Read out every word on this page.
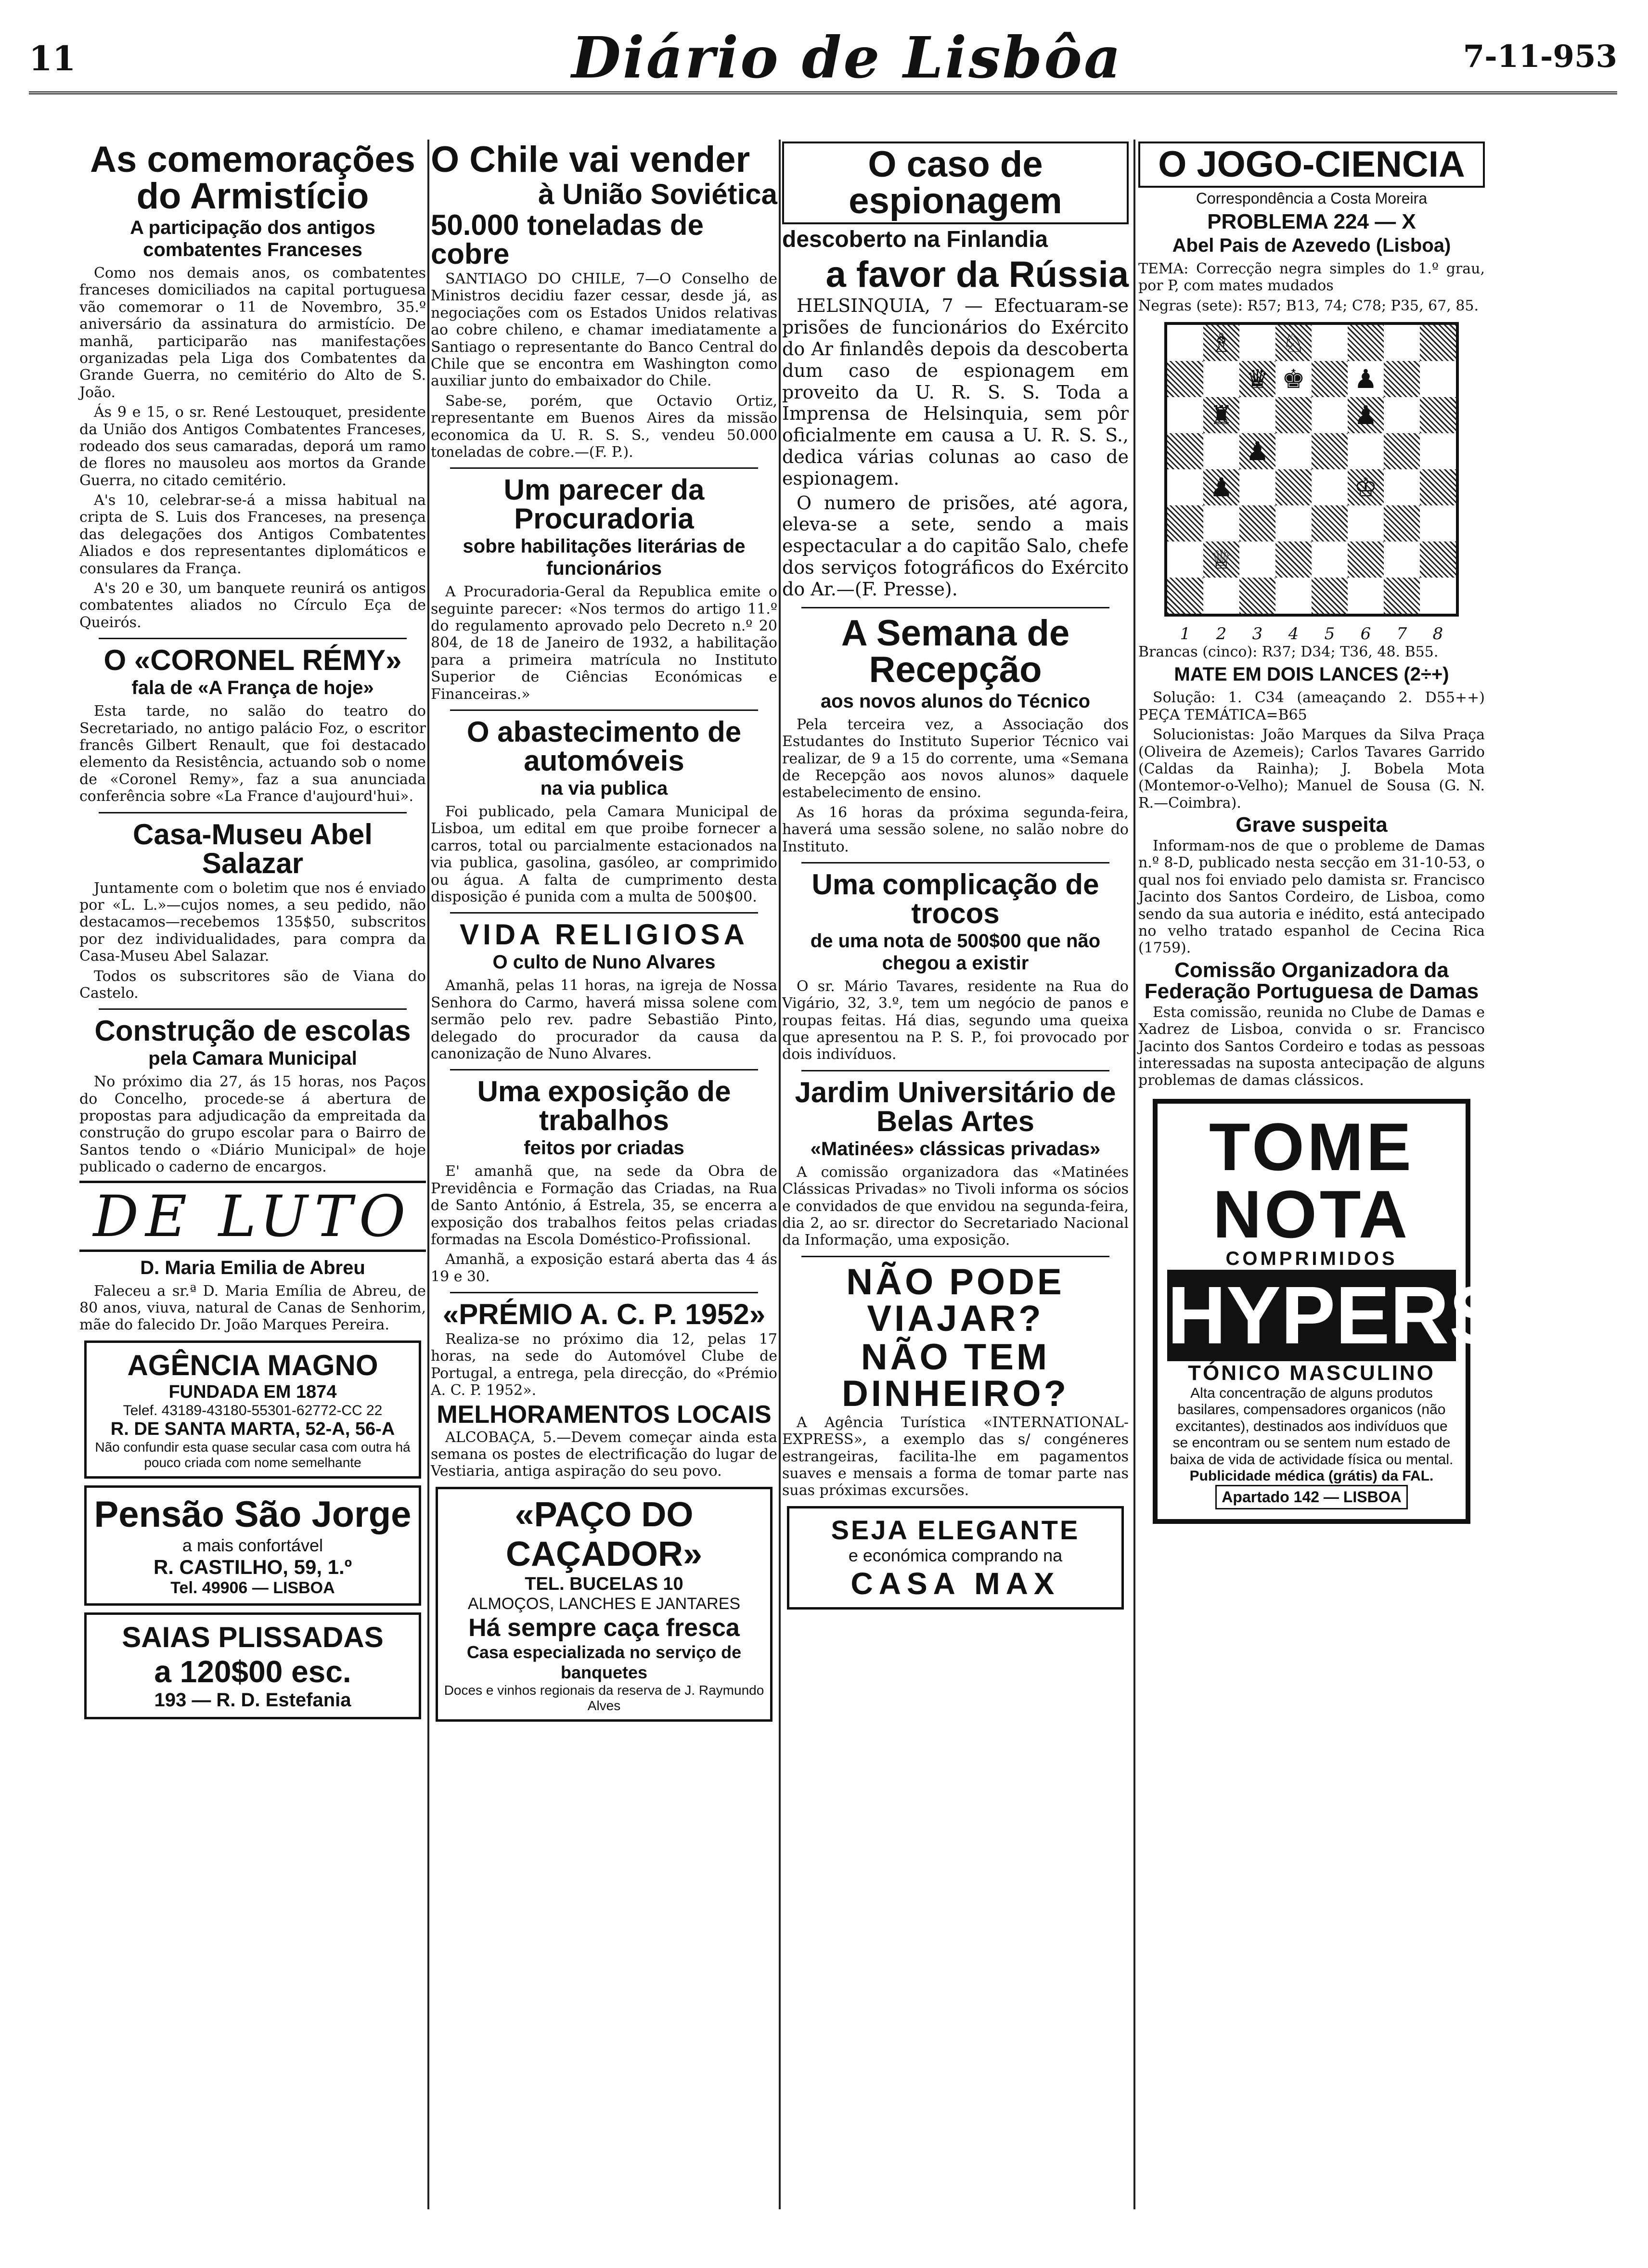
11	Diário de Lisbôa	7-11-953
As comemorações do Armistício
A participação dos antigos combatentes Franceses

Como nos demais anos, os combatentes franceses domiciliados na capital portuguesa vão comemorar o 11 de Novembro, 35.º aniversário da assinatura do armistício. De manhã, participarão nas manifestações organizadas pela Liga dos Combatentes da Grande Guerra, no cemitério do Alto de S. João.

Ás 9 e 15, o sr. René Lestouquet, presidente da União dos Antigos Combatentes Franceses, rodeado dos seus camaradas, deporá um ramo de flores no mausoleu aos mortos da Grande Guerra, no citado cemitério.

A's 10, celebrar-se-á a missa habitual na cripta de S. Luis dos Franceses, na presença das delegações dos Antigos Combatentes Aliados e dos representantes diplomáticos e consulares da França.

A's 20 e 30, um banquete reunirá os antigos combatentes aliados no Círculo Eça de Queirós.

O «CORONEL RÉMY»
fala de «A França de hoje»

Esta tarde, no salão do teatro do Secretariado, no antigo palácio Foz, o escritor francês Gilbert Renault, que foi destacado elemento da Resistência, actuando sob o nome de «Coronel Remy», faz a sua anunciada conferência sobre «La France d'aujourd'hui».

Casa-Museu Abel Salazar

Juntamente com o boletim que nos é enviado por «L. L.»—cujos nomes, a seu pedido, não destacamos—recebemos 135$50, subscritos por dez individualidades, para compra da Casa-Museu Abel Salazar.

Todos os subscritores são de Viana do Castelo.

Construção de escolas
pela Camara Municipal

No próximo dia 27, ás 15 horas, nos Paços do Concelho, procede-se á abertura de propostas para adjudicação da empreitada da construção do grupo escolar para o Bairro de Santos tendo o «Diário Municipal» de hoje publicado o caderno de encargos.

DE LUTO
D. Maria Emilia de Abreu

Faleceu a sr.ª D. Maria Emília de Abreu, de 80 anos, viuva, natural de Canas de Senhorim, mãe do falecido Dr. João Marques Pereira.

AGÊNCIA MAGNO
FUNDADA EM 1874
Telef. 43189-43180-55301-62772-CC 22
R. DE SANTA MARTA, 52-A, 56-A
Não confundir esta quase secular casa com outra há pouco criada com nome semelhante
Pensão São Jorge
a mais confortável
R. CASTILHO, 59, 1.º
Tel. 49906 — LISBOA
SAIAS PLISSADAS
a 120$00 esc.
193 — R. D. Estefania
O Chile vai vender
à União Soviética
50.000 toneladas de cobre

SANTIAGO DO CHILE, 7—O Conselho de Ministros decidiu fazer cessar, desde já, as negociações com os Estados Unidos relativas ao cobre chileno, e chamar imediatamente a Santiago o representante do Banco Central do Chile que se encontra em Washington como auxiliar junto do embaixador do Chile.

Sabe-se, porém, que Octavio Ortiz, representante em Buenos Aires da missão economica da U. R. S. S., vendeu 50.000 toneladas de cobre.—(F. P.).

Um parecer da Procuradoria
sobre habilitações literárias de funcionários

A Procuradoria-Geral da Republica emite o seguinte parecer: «Nos termos do artigo 11.º do regulamento aprovado pelo Decreto n.º 20 804, de 18 de Janeiro de 1932, a habilitação para a primeira matrícula no Instituto Superior de Ciências Económicas e Financeiras.»

O abastecimento de automóveis
na via publica

Foi publicado, pela Camara Municipal de Lisboa, um edital em que proibe fornecer a carros, total ou parcialmente estacionados na via publica, gasolina, gasóleo, ar comprimido ou água. A falta de cumprimento desta disposição é punida com a multa de 500$00.

VIDA RELIGIOSA
O culto de Nuno Alvares

Amanhã, pelas 11 horas, na igreja de Nossa Senhora do Carmo, haverá missa solene com sermão pelo rev. padre Sebastião Pinto, delegado do procurador da causa da canonização de Nuno Alvares.

Uma exposição de trabalhos
feitos por criadas

E' amanhã que, na sede da Obra de Previdência e Formação das Criadas, na Rua de Santo António, á Estrela, 35, se encerra a exposição dos trabalhos feitos pelas criadas formadas na Escola Doméstico-Profissional.

Amanhã, a exposição estará aberta das 4 ás 19 e 30.

«PRÉMIO A. C. P. 1952»

Realiza-se no próximo dia 12, pelas 17 horas, na sede do Automóvel Clube de Portugal, a entrega, pela direcção, do «Prémio A. C. P. 1952».

MELHORAMENTOS LOCAIS

ALCOBAÇA, 5.—Devem começar ainda esta semana os postes de electrificação do lugar de Vestiaria, antiga aspiração do seu povo.

«PAÇO DO CAÇADOR»
TEL. BUCELAS 10
ALMOÇOS, LANCHES E JANTARES
Há sempre caça fresca
Casa especializada no serviço de banquetes
Doces e vinhos regionais da reserva de J. Raymundo Alves
O caso de espionagem
descoberto na Finlandia
a favor da Rússia

HELSINQUIA, 7 — Efectuaram-se prisões de funcionários do Exército do Ar finlandês depois da descoberta dum caso de espionagem em proveito da U. R. S. S. Toda a Imprensa de Helsinquia, sem pôr oficialmente em causa a U. R. S. S., dedica várias colunas ao caso de espionagem.

O numero de prisões, até agora, eleva-se a sete, sendo a mais espectacular a do capitão Salo, chefe dos serviços fotográficos do Exército do Ar.—(F. Presse).

A Semana de Recepção
aos novos alunos do Técnico

Pela terceira vez, a Associação dos Estudantes do Instituto Superior Técnico vai realizar, de 9 a 15 do corrente, uma «Semana de Recepção aos novos alunos» daquele estabelecimento de ensino.

As 16 horas da próxima segunda-feira, haverá uma sessão solene, no salão nobre do Instituto.

Uma complicação de trocos
de uma nota de 500$00 que não chegou a existir

O sr. Mário Tavares, residente na Rua do Vigário, 32, 3.º, tem um negócio de panos e roupas feitas. Há dias, segundo uma queixa que apresentou na P. S. P., foi provocado por dois indivíduos.

Jardim Universitário de Belas Artes
«Matinées» clássicas privadas»

A comissão organizadora das «Matinées Clássicas Privadas» no Tivoli informa os sócios e convidados de que envidou na segunda-feira, dia 2, ao sr. director do Secretariado Nacional da Informação, uma exposição.

NÃO PODE VIAJAR?
NÃO TEM DINHEIRO?

A Agência Turística «INTERNATIONAL-EXPRESS», a exemplo das s/ congéneres estrangeiras, facilita-lhe em pagamentos suaves e mensais a forma de tomar parte nas suas próximas excursões.

SEJA ELEGANTE
e económica comprando na
CASA MAX
O JOGO-CIENCIA
Correspondência a Costa Moreira
PROBLEMA 224 — X
Abel Pais de Azevedo (Lisboa)

TEMA: Correcção negra simples do 1.º grau, por P, com mates mudados

Negras (sete): R57; B13, 74; C78; P35, 67, 85.

♗ ♘
♛ ♚ ♟
♜	♟
♟
♟	♔
♕
1 2 3 4 5 6 7 8

Brancas (cinco): R37; D34; T36, 48. B55.

MATE EM DOIS LANCES (2÷+)

Solução: 1. C34 (ameaçando 2. D55++) PEÇA TEMÁTICA=B65

Solucionistas: João Marques da Silva Praça (Oliveira de Azemeis); Carlos Tavares Garrido (Caldas da Rainha); J. Bobela Mota (Montemor-o-Velho); Manuel de Sousa (G. N. R.—Coimbra).

Grave suspeita

Informam-nos de que o probleme de Damas n.º 8-D, publicado nesta secção em 31-10-53, o qual nos foi enviado pelo damista sr. Francisco Jacinto dos Santos Cordeiro, de Lisboa, como sendo da sua autoria e inédito, está antecipado no velho tratado espanhol de Cecina Rica (1759).

Comissão Organizadora da Federação Portuguesa de Damas

Esta comissão, reunida no Clube de Damas e Xadrez de Lisboa, convida o sr. Francisco Jacinto dos Santos Cordeiro e todas as pessoas interessadas na suposta antecipação de alguns problemas de damas clássicos.

TOME
NOTA
COMPRIMIDOS
HYPERSEX
TÓNICO MASCULINO
Alta concentração de alguns produtos basilares, compensadores organicos (não excitantes), destinados aos indivíduos que se encontram ou se sentem num estado de baixa de vida de actividade física ou mental.
Publicidade médica (grátis) da FAL.
Apartado 142 — LISBOA
